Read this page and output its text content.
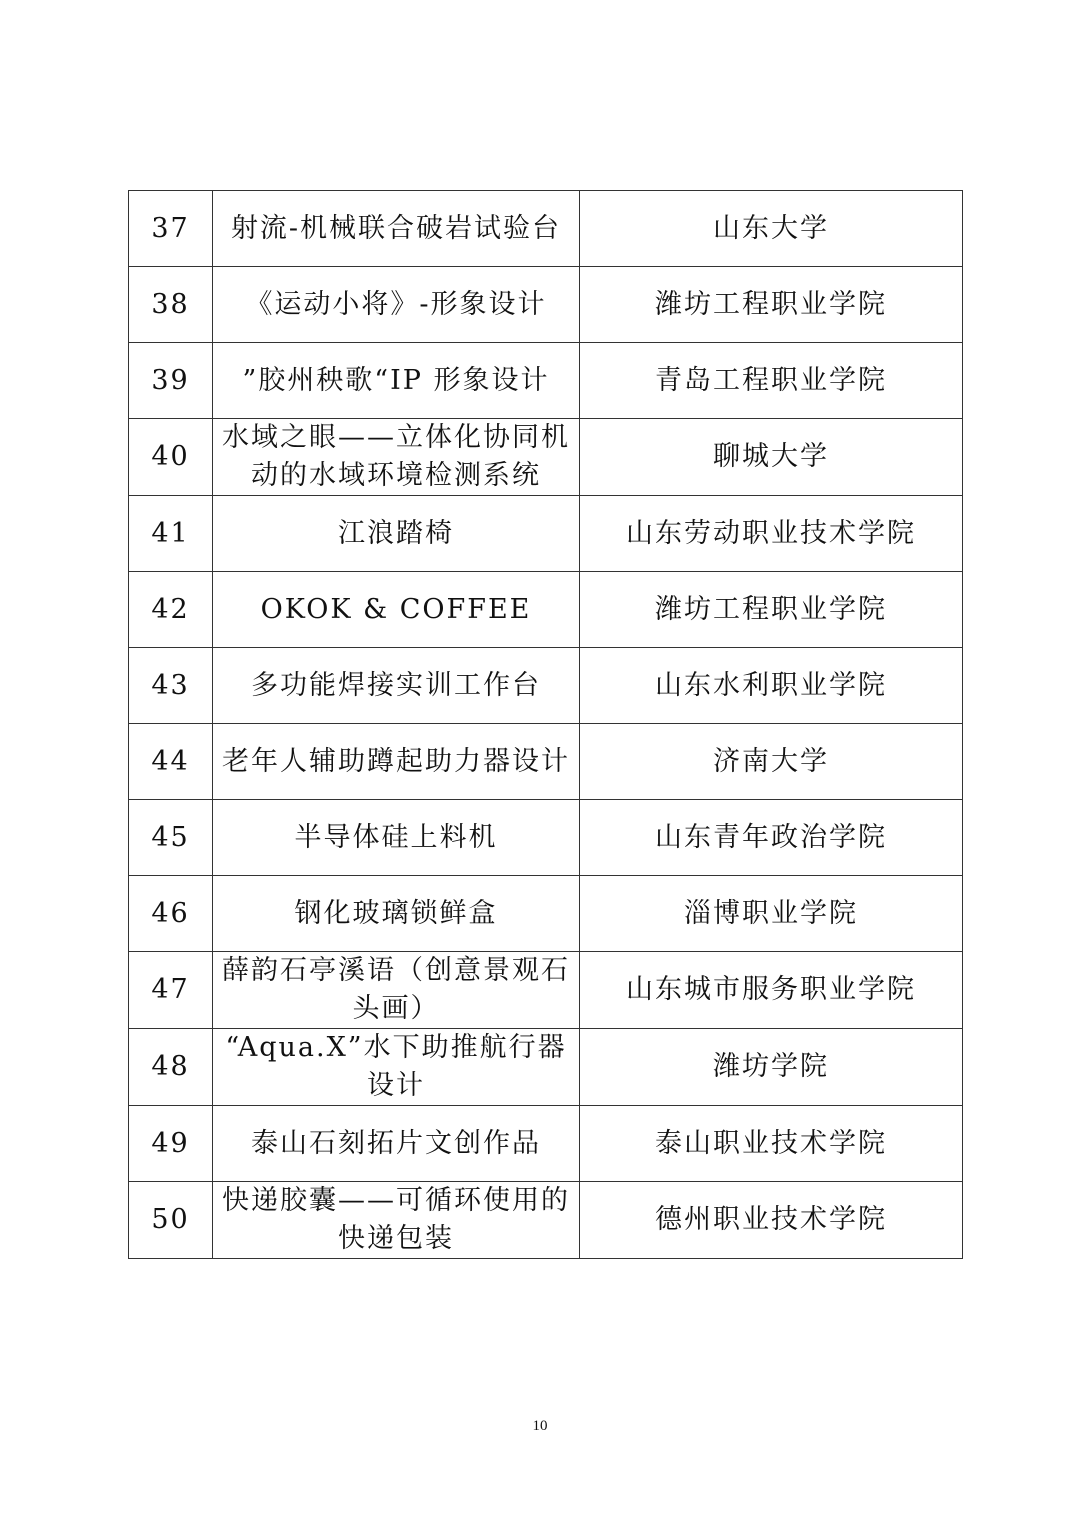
37	射流-机械联合破岩试验台	山东大学
38	《运动小将》-形象设计	潍坊工程职业学院
39	”胶州秧歌“IP 形象设计	青岛工程职业学院
40	水域之眼——立体化协同机动的水域环境检测系统	聊城大学
41	江浪踏椅	山东劳动职业技术学院
42	OKOK & COFFEE	潍坊工程职业学院
43	多功能焊接实训工作台	山东水利职业学院
44	老年人辅助蹲起助力器设计	济南大学
45	半导体硅上料机	山东青年政治学院
46	钢化玻璃锁鲜盒	淄博职业学院
47	薛韵石亭溪语（创意景观石头画）	山东城市服务职业学院
48	“Aqua.X”水下助推航行器设计	潍坊学院
49	泰山石刻拓片文创作品	泰山职业技术学院
50	快递胶囊——可循环使用的快递包装	德州职业技术学院
10
